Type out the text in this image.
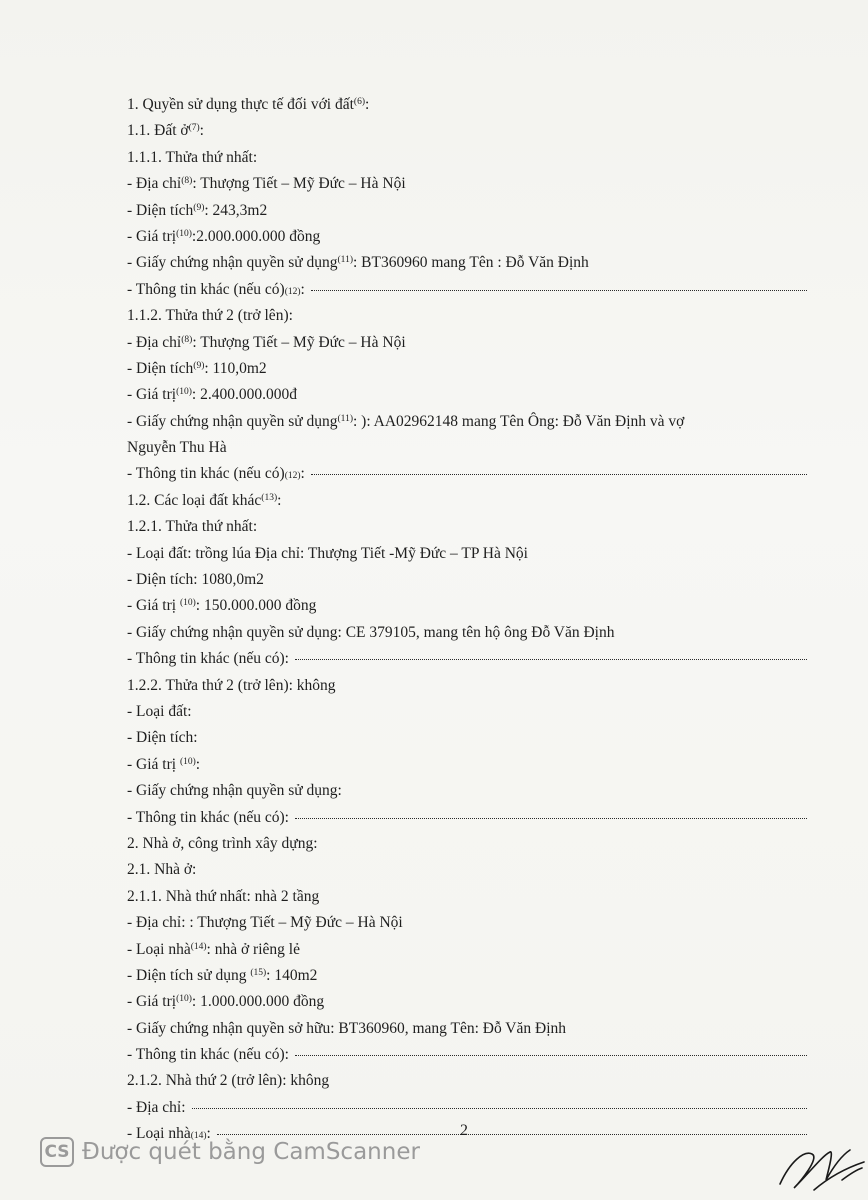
1. Quyền sử dụng thực tế đối với đất$^{(6)}$:
1.1. Đất ở$^{(7)}$:
1.1.1. Thửa thứ nhất:
- Địa chỉ$^{(8)}$: Thượng Tiết – Mỹ Đức – Hà Nội
- Diện tích$^{(9)}$: 243,3m2
- Giá trị$^{(10)}$:2.000.000.000 đồng
- Giấy chứng nhận quyền sử dụng$^{(11)}$: BT360960 mang Tên : Đỗ Văn Định
- Thông tin khác (nếu có) (12) :
1.1.2. Thửa thứ 2 (trở lên):
- Địa chỉ$^{(8)}$: Thượng Tiết – Mỹ Đức – Hà Nội
- Diện tích$^{(9)}$: 110,0m2
- Giá trị$^{(10)}$: 2.400.000.000đ
- Giấy chứng nhận quyền sử dụng$^{(11)}$: ): AA02962148 mang Tên Ông: Đỗ Văn Định và vợ
Nguyễn Thu Hà
- Thông tin khác (nếu có) (12) :
1.2. Các loại đất khác$^{(13)}$:
1.2.1. Thửa thứ nhất:
- Loại đất: trồng lúa Địa chỉ: Thượng Tiết -Mỹ Đức – TP Hà Nội
- Diện tích: 1080,0m2
- Giá trị $^{(10)}$: 150.000.000 đồng
- Giấy chứng nhận quyền sử dụng: CE 379105, mang tên hộ ông Đỗ Văn Định
- Thông tin khác (nếu có):
1.2.2. Thửa thứ 2 (trở lên): không
- Loại đất:
- Diện tích:
- Giá trị $^{(10)}$:
- Giấy chứng nhận quyền sử dụng:
- Thông tin khác (nếu có):
2. Nhà ở, công trình xây dựng:
2.1. Nhà ở:
2.1.1. Nhà thứ nhất: nhà 2 tầng
- Địa chỉ: : Thượng Tiết – Mỹ Đức – Hà Nội
- Loại nhà$^{(14)}$: nhà ở riêng lẻ
- Diện tích sử dụng $^{(15)}$: 140m2
- Giá trị$^{(10)}$: 1.000.000.000 đồng
- Giấy chứng nhận quyền sở hữu: BT360960, mang Tên: Đỗ Văn Định
- Thông tin khác (nếu có):
2.1.2. Nhà thứ 2 (trở lên): không
- Địa chỉ:
- Loại nhà (14) :	2
CS Được quét bằng CamScanner
